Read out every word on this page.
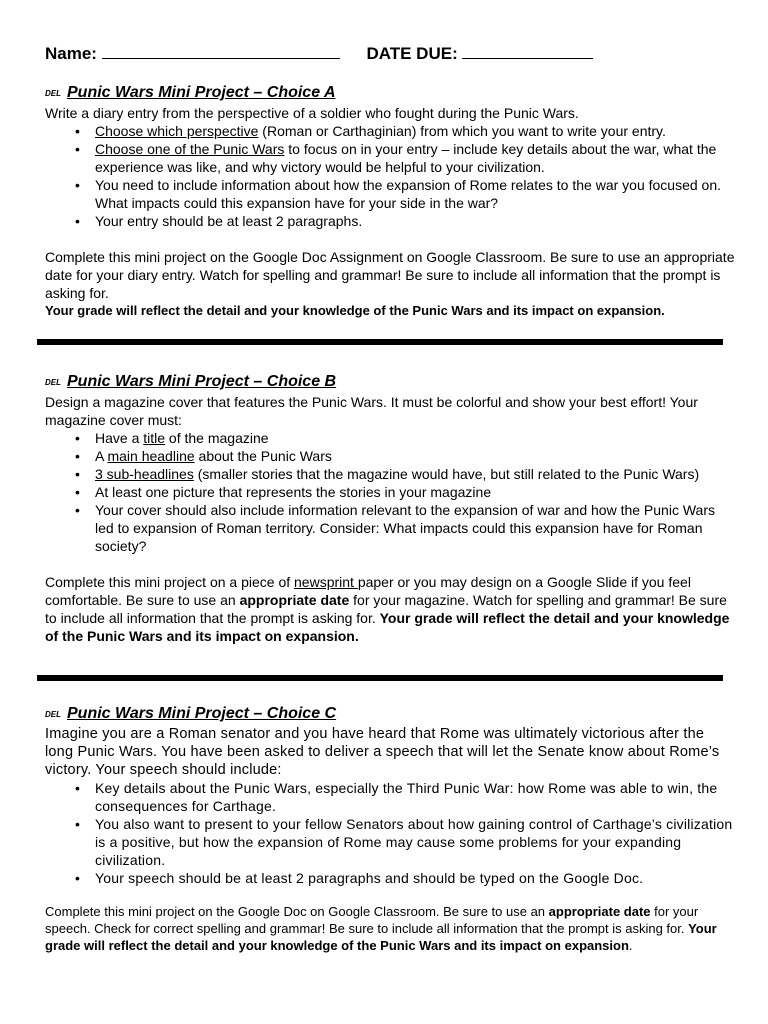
Name:	DATE DUE:
DEL Punic Wars Mini Project – Choice A
Write a diary entry from the perspective of a soldier who fought during the Punic Wars.
• Choose which perspective (Roman or Carthaginian) from which you want to write your entry.
• Choose one of the Punic Wars to focus on in your entry – include key details about the war, what the experience was like, and why victory would be helpful to your civilization.
• You need to include information about how the expansion of Rome relates to the war you focused on. What impacts could this expansion have for your side in the war?
• Your entry should be at least 2 paragraphs.
Complete this mini project on the Google Doc Assignment on Google Classroom. Be sure to use an appropriate date for your diary entry. Watch for spelling and grammar! Be sure to include all information that the prompt is asking for.
Your grade will reflect the detail and your knowledge of the Punic Wars and its impact on expansion.
DEL Punic Wars Mini Project – Choice B
Design a magazine cover that features the Punic Wars. It must be colorful and show your best effort! Your magazine cover must:
• Have a title of the magazine
• A main headline about the Punic Wars
• 3 sub-headlines (smaller stories that the magazine would have, but still related to the Punic Wars)
• At least one picture that represents the stories in your magazine
• Your cover should also include information relevant to the expansion of war and how the Punic Wars led to expansion of Roman territory. Consider: What impacts could this expansion have for Roman society?
Complete this mini project on a piece of newsprint paper or you may design on a Google Slide if you feel comfortable. Be sure to use an appropriate date for your magazine. Watch for spelling and grammar! Be sure to include all information that the prompt is asking for. Your grade will reflect the detail and your knowledge of the Punic Wars and its impact on expansion.
DEL Punic Wars Mini Project – Choice C
Imagine you are a Roman senator and you have heard that Rome was ultimately victorious after the long Punic Wars. You have been asked to deliver a speech that will let the Senate know about Rome’s victory. Your speech should include:
• Key details about the Punic Wars, especially the Third Punic War: how Rome was able to win, the consequences for Carthage.
• You also want to present to your fellow Senators about how gaining control of Carthage’s civilization is a positive, but how the expansion of Rome may cause some problems for your expanding civilization.
• Your speech should be at least 2 paragraphs and should be typed on the Google Doc.
Complete this mini project on the Google Doc on Google Classroom. Be sure to use an appropriate date for your speech. Check for correct spelling and grammar! Be sure to include all information that the prompt is asking for. Your grade will reflect the detail and your knowledge of the Punic Wars and its impact on expansion.
